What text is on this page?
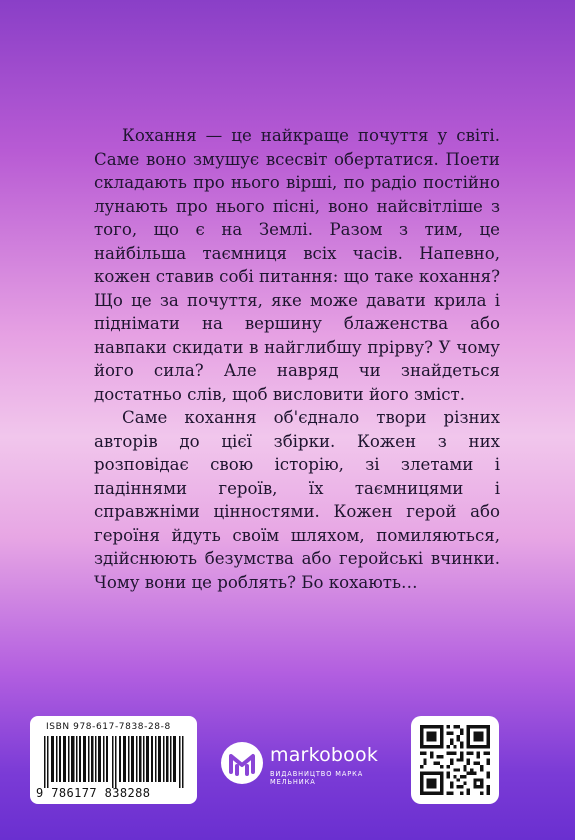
Кохання — це найкраще почуття у світі. Саме воно змушує всесвіт обертатися. Поети складають про нього вірші, по радіо постійно лунають про нього пісні, воно найсвітліше з того, що є на Землі. Разом з тим, це найбільша таємниця всіх часів. Напевно, кожен ставив собі питання: що таке кохання? Що це за почуття, яке може давати крила і піднімати на вершину блаженства або навпаки скидати в найглибшу прірву? У чому його сила? Але навряд чи знайдеться достатньо слів, щоб висловити його зміст.

Саме кохання об'єднало твори різних авторів до цієї збірки. Кожен з них розповідає свою історію, зі злетами і падіннями героїв, їх таємницями і справжніми цінностями. Кожен герой або героїня йдуть своїм шляхом, помиляються, здійснюють безумства або геройські вчинки. Чому вони це роблять? Бо кохають…

ISBN 978-617-7838-28-8
9 786177 838288
markobook
ВИДАВНИЦТВО МАРКА МЕЛЬНИКА
